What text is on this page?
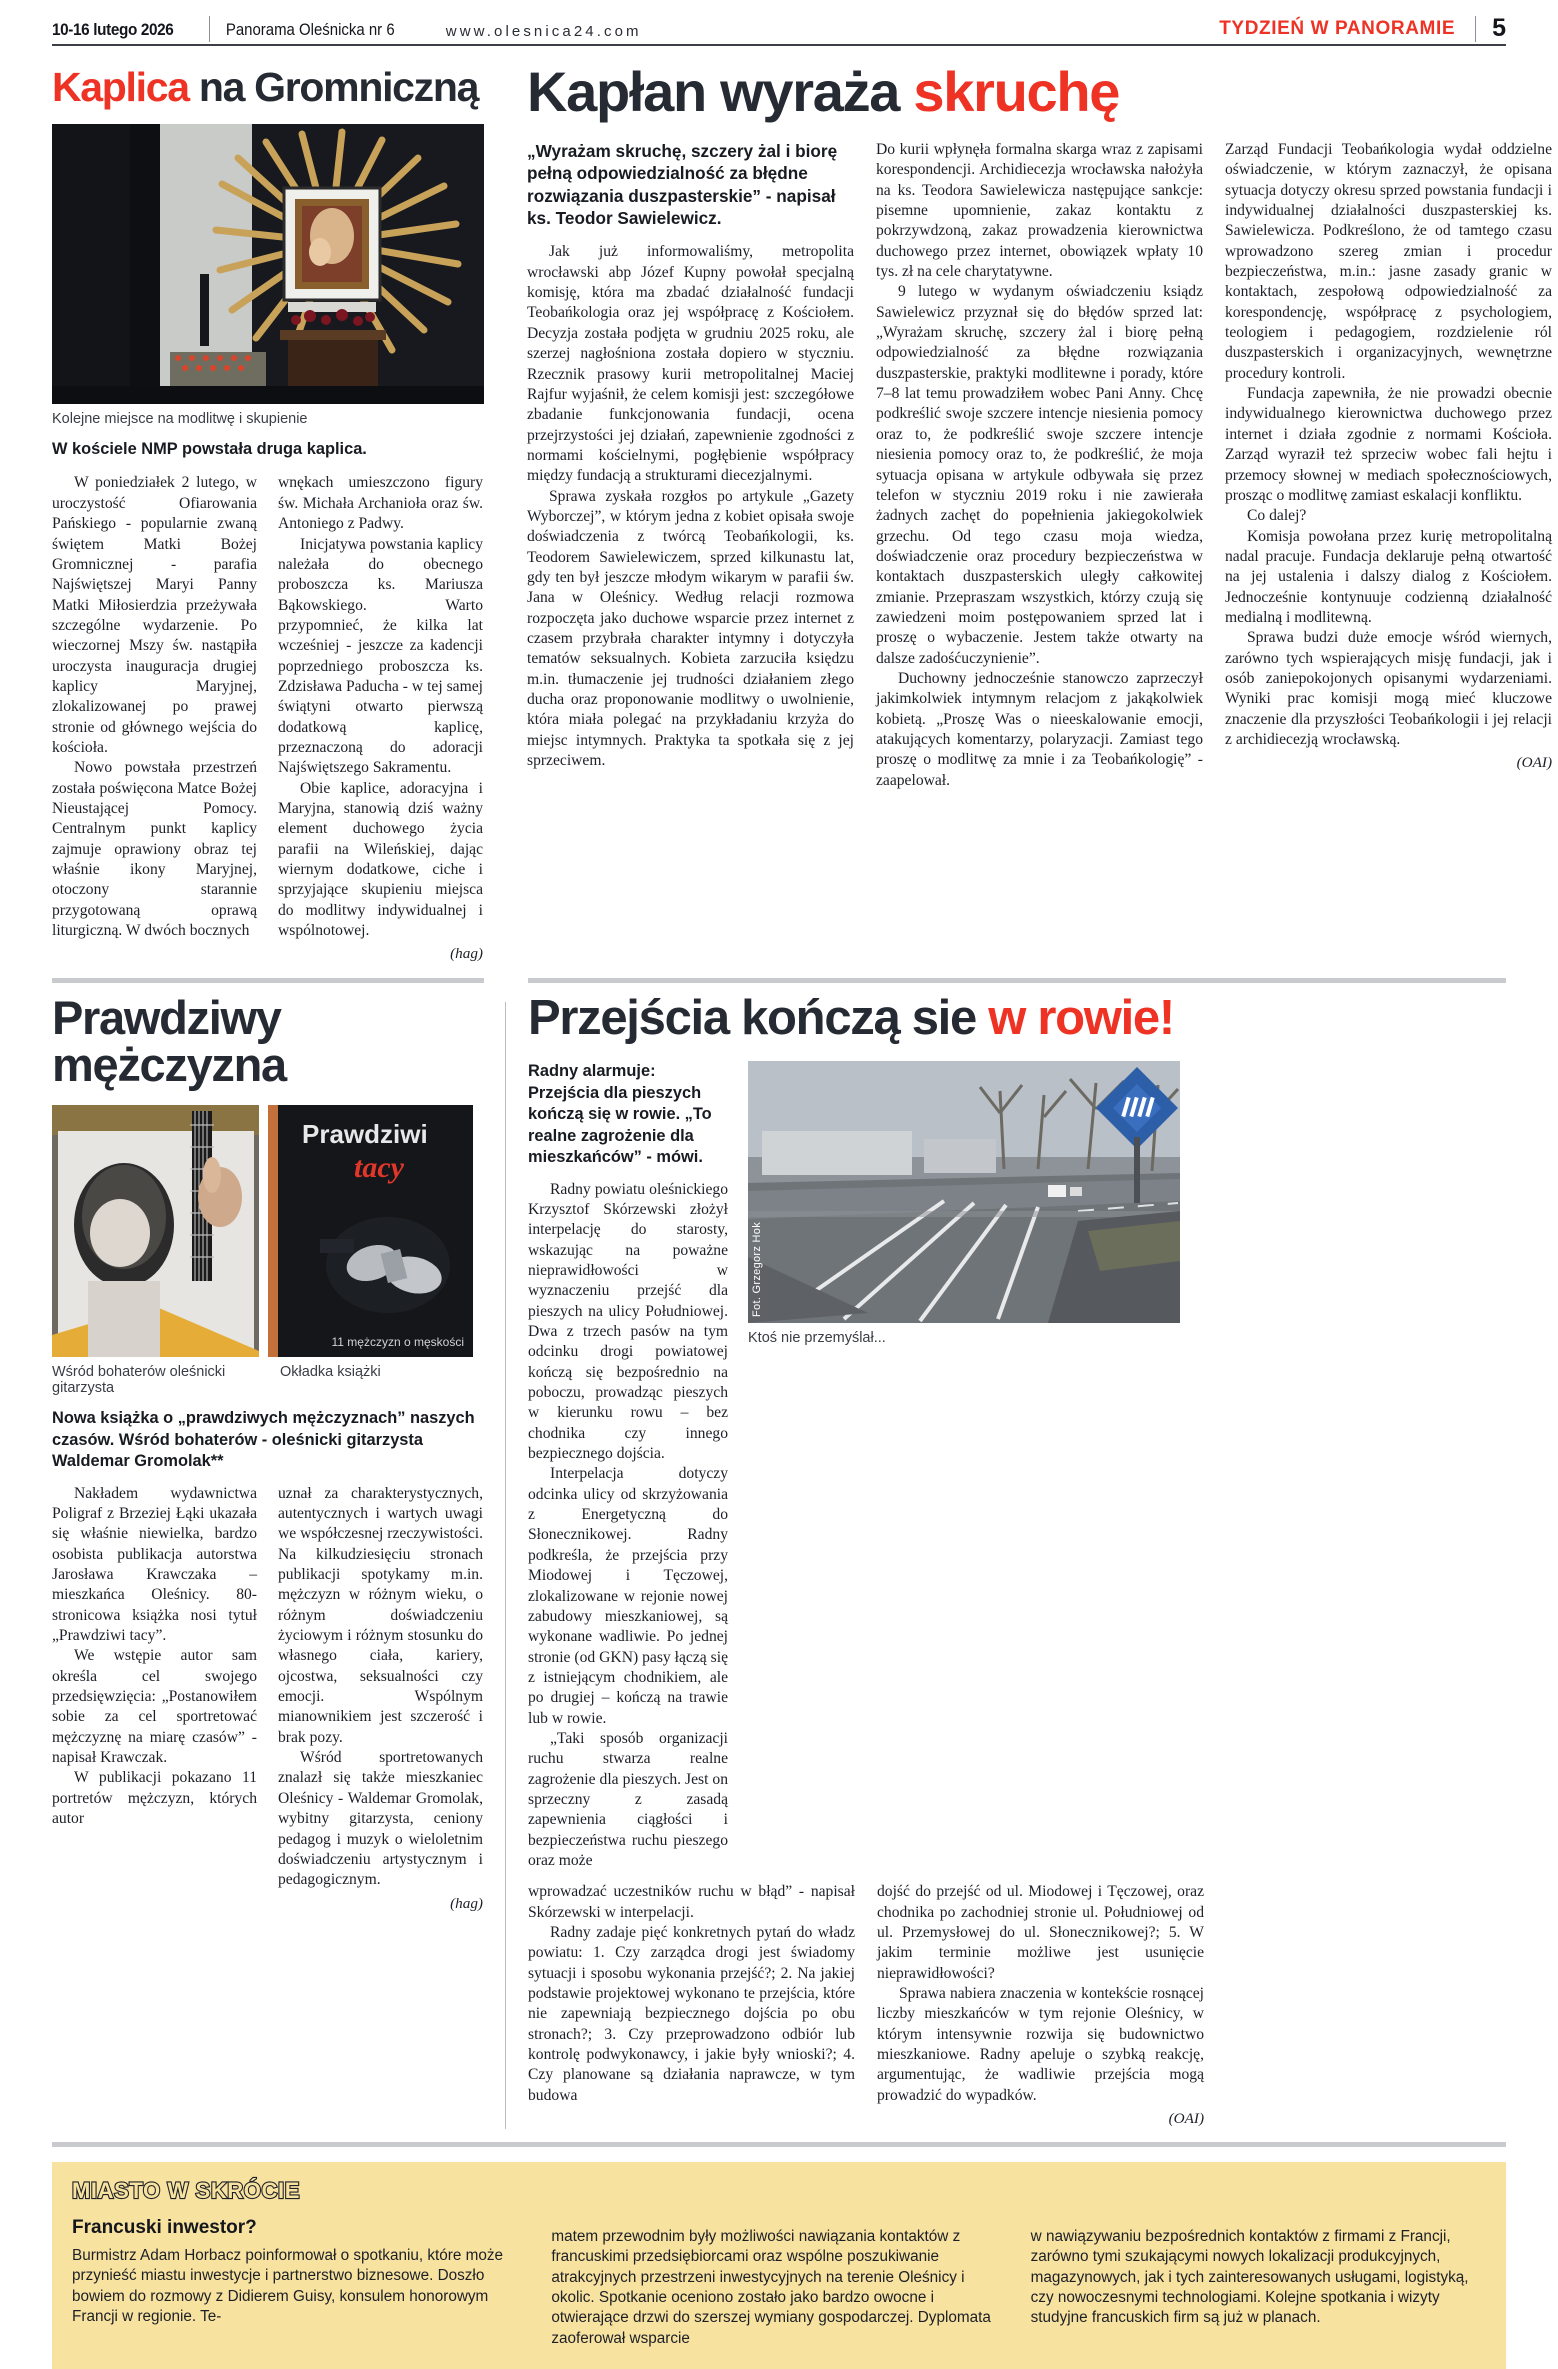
10-16 lutego 2026	Panorama Oleśnicka nr 6	www.olesnica24.com	TYDZIEŃ W PANORAMIE 5
Kaplica na Gromniczną
Kolejne miejsce na modlitwę i skupienie
W kościele NMP powstała druga kaplica.

W poniedziałek 2 lutego, w uroczystość Ofiarowania Pańskiego - popularnie zwaną świętem Matki Bożej Gromnicznej - parafia Najświętszej Maryi Panny Matki Miłosierdzia przeżywała szczególne wydarzenie. Po wieczornej Mszy św. nastąpiła uroczysta inauguracja drugiej kaplicy Maryjnej, zlokalizowanej po prawej stronie od głównego wejścia do kościoła.

Nowo powstała przestrzeń została poświęcona Matce Bożej Nieustającej Pomocy. Centralnym punkt kaplicy zajmuje oprawiony obraz tej właśnie ikony Maryjnej, otoczony starannie przygotowaną oprawą liturgiczną. W dwóch bocznych

wnękach umieszczono figury św. Michała Archanioła oraz św. Antoniego z Padwy.

Inicjatywa powstania kaplicy należała do obecnego proboszcza ks. Mariusza Bąkowskiego. Warto przypomnieć, że kilka lat wcześniej - jeszcze za kadencji poprzedniego proboszcza ks. Zdzisława Paducha - w tej samej świątyni otwarto pierwszą dodatkową kaplicę, przeznaczoną do adoracji Najświętszego Sakramentu.

Obie kaplice, adoracyjna i Maryjna, stanowią dziś ważny element duchowego życia parafii na Wileńskiej, dając wiernym dodatkowe, ciche i sprzyjające skupieniu miejsca do modlitwy indywidualnej i wspólnotowej.

(hag)
Kapłan wyraża skruchę
„Wyrażam skruchę, szczery żal i biorę pełną odpowiedzialność za błędne rozwiązania duszpasterskie” - napisał ks. Teodor Sawielewicz.

Jak już informowaliśmy, metropolita wrocławski abp Józef Kupny powołał specjalną komisję, która ma zbadać działalność fundacji Teobańkologia oraz jej współpracę z Kościołem. Decyzja została podjęta w grudniu 2025 roku, ale szerzej nagłośniona została dopiero w styczniu. Rzecznik prasowy kurii metropolitalnej Maciej Rajfur wyjaśnił, że celem komisji jest: szczegółowe zbadanie funkcjonowania fundacji, ocena przejrzystości jej działań, zapewnienie zgodności z normami kościelnymi, pogłębienie współpracy między fundacją a strukturami diecezjalnymi.

Sprawa zyskała rozgłos po artykule „Gazety Wyborczej”, w którym jedna z kobiet opisała swoje doświadczenia z twórcą Teobańkologii, ks. Teodorem Sawielewiczem, sprzed kilkunastu lat, gdy ten był jeszcze młodym wikarym w parafii św. Jana w Oleśnicy. Według relacji rozmowa rozpoczęta jako duchowe wsparcie przez internet z czasem przybrała charakter intymny i dotyczyła tematów seksualnych. Kobieta zarzuciła księdzu m.in. tłumaczenie jej trudności działaniem złego ducha oraz proponowanie modlitwy o uwolnienie, która miała polegać na przykładaniu krzyża do miejsc intymnych. Praktyka ta spotkała się z jej sprzeciwem.

Do kurii wpłynęła formalna skarga wraz z zapisami korespondencji. Archidiecezja wrocławska nałożyła na ks. Teodora Sawielewicza następujące sankcje: pisemne upomnienie, zakaz kontaktu z pokrzywdzoną, zakaz prowadzenia kierownictwa duchowego przez internet, obowiązek wpłaty 10 tys. zł na cele charytatywne.

9 lutego w wydanym oświadczeniu ksiądz Sawielewicz przyznał się do błędów sprzed lat: „Wyrażam skruchę, szczery żal i biorę pełną odpowiedzialność za błędne rozwiązania duszpasterskie, praktyki modlitewne i porady, które 7–8 lat temu prowadziłem wobec Pani Anny. Chcę podkreślić swoje szczere intencje niesienia pomocy oraz to, że podkreślić swoje szczere intencje niesienia pomocy oraz to, że podkreślić, że moja sytuacja opisana w artykule odbywała się przez telefon w styczniu 2019 roku i nie zawierała żadnych zachęt do popełnienia jakiegokolwiek grzechu. Od tego czasu moja wiedza, doświadczenie oraz procedury bezpieczeństwa w kontaktach duszpasterskich uległy całkowitej zmianie. Przepraszam wszystkich, którzy czują się zawiedzeni moim postępowaniem sprzed lat i proszę o wybaczenie. Jestem także otwarty na dalsze zadośćuczynienie”.

Duchowny jednocześnie stanowczo zaprzeczył jakimkolwiek intymnym relacjom z jakąkolwiek kobietą. „Proszę Was o nieeskalowanie emocji, atakujących komentarzy, polaryzacji. Zamiast tego proszę o modlitwę za mnie i za Teobańkologię” - zaapelował.

Zarząd Fundacji Teobańkologia wydał oddzielne oświadczenie, w którym zaznaczył, że opisana sytuacja dotyczy okresu sprzed powstania fundacji i indywidualnej działalności duszpasterskiej ks. Sawielewicza. Podkreślono, że od tamtego czasu wprowadzono szereg zmian i procedur bezpieczeństwa, m.in.: jasne zasady granic w kontaktach, zespołową odpowiedzialność za korespondencję, współpracę z psychologiem, teologiem i pedagogiem, rozdzielenie ról duszpasterskich i organizacyjnych, wewnętrzne procedury kontroli.

Fundacja zapewniła, że nie prowadzi obecnie indywidualnego kierownictwa duchowego przez internet i działa zgodnie z normami Kościoła. Zarząd wyraził też sprzeciw wobec fali hejtu i przemocy słownej w mediach społecznościowych, prosząc o modlitwę zamiast eskalacji konfliktu.

Co dalej?

Komisja powołana przez kurię metropolitalną nadal pracuje. Fundacja deklaruje pełną otwartość na jej ustalenia i dalszy dialog z Kościołem. Jednocześnie kontynuuje codzienną działalność medialną i modlitewną.

Sprawa budzi duże emocje wśród wiernych, zarówno tych wspierających misję fundacji, jak i osób zaniepokojonych opisanymi wydarzeniami. Wyniki prac komisji mogą mieć kluczowe znaczenie dla przyszłości Teobańkologii i jej relacji z archidiecezją wrocławską.

(OAI)
Prawdziwy mężczyzna
Prawdziwi
tacy
11 mężczyzn o męskości
Wśród bohaterów oleśnicki gitarzysta
Okładka książki
Nowa książka o „prawdziwych mężczyznach” naszych czasów. Wśród bohaterów - oleśnicki gitarzysta Waldemar Gromolak**

Nakładem wydawnictwa Poligraf z Brzeziej Łąki ukazała się właśnie niewielka, bardzo osobista publikacja autorstwa Jarosława Krawczaka – mieszkańca Oleśnicy. 80-stronicowa książka nosi tytuł „Prawdziwi tacy”.

We wstępie autor sam określa cel swojego przedsięwzięcia: „Postanowiłem sobie za cel sportretować mężczyznę na miarę czasów” - napisał Krawczak.

W publikacji pokazano 11 portretów mężczyzn, których autor

uznał za charakterystycznych, autentycznych i wartych uwagi we współczesnej rzeczywistości. Na kilkudziesięciu stronach publikacji spotykamy m.in. mężczyzn w różnym wieku, o różnym doświadczeniu życiowym i różnym stosunku do własnego ciała, kariery, ojcostwa, seksualności czy emocji. Wspólnym mianownikiem jest szczerość i brak pozy.

Wśród sportretowanych znalazł się także mieszkaniec Oleśnicy - Waldemar Gromolak, wybitny gitarzysta, ceniony pedagog i muzyk o wieloletnim doświadczeniu artystycznym i pedagogicznym.

(hag)
Przejścia kończą sie w rowie!
Radny alarmuje: Przejścia dla pieszych kończą się w rowie. „To realne zagrożenie dla mieszkańców” - mówi.

Radny powiatu oleśnickiego Krzysztof Skórzewski złożył interpelację do starosty, wskazując na poważne nieprawidłowości w wyznaczeniu przejść dla pieszych na ulicy Południowej. Dwa z trzech pasów na tym odcinku drogi powiatowej kończą się bezpośrednio na poboczu, prowadząc pieszych w kierunku rowu – bez chodnika czy innego bezpiecznego dojścia.

Interpelacja dotyczy odcinka ulicy od skrzyżowania z Energetyczną do Słonecznikowej. Radny podkreśla, że przejścia przy Miodowej i Tęczowej, zlokalizowane w rejonie nowej zabudowy mieszkaniowej, są wykonane wadliwie. Po jednej stronie (od GKN) pasy łączą się z istniejącym chodnikiem, ale po drugiej – kończą na trawie lub w rowie.

„Taki sposób organizacji ruchu stwarza realne zagrożenie dla pieszych. Jest on sprzeczny z zasadą zapewnienia ciągłości i bezpieczeństwa ruchu pieszego oraz może

Fot. Grzegorz Hok
Ktoś nie przemyślał...

wprowadzać uczestników ruchu w błąd” - napisał Skórzewski w interpelacji.

Radny zadaje pięć konkretnych pytań do władz powiatu: 1. Czy zarządca drogi jest świadomy sytuacji i sposobu wykonania przejść?; 2. Na jakiej podstawie projektowej wykonano te przejścia, które nie zapewniają bezpiecznego dojścia po obu stronach?; 3. Czy przeprowadzono odbiór lub kontrolę podwykonawcy, i jakie były wnioski?; 4. Czy planowane są działania naprawcze, w tym budowa

dojść do przejść od ul. Miodowej i Tęczowej, oraz chodnika po zachodniej stronie ul. Południowej od ul. Przemysłowej do ul. Słonecznikowej?; 5. W jakim terminie możliwe jest usunięcie nieprawidłowości?

Sprawa nabiera znaczenia w kontekście rosnącej liczby mieszkańców w tym rejonie Oleśnicy, w którym intensywnie rozwija się budownictwo mieszkaniowe. Radny apeluje o szybką reakcję, argumentując, że wadliwie przejścia mogą prowadzić do wypadków.

(OAI)
MIASTO W SKRÓCIE
Francuski inwestor?

Burmistrz Adam Horbacz poinformował o spotkaniu, które może przynieść miastu inwestycje i partnerstwo biznesowe. Doszło bowiem do rozmowy z Didierem Guisy, konsulem honorowym Francji w regionie. Te-

matem przewodnim były możliwości nawiązania kontaktów z francuskimi przedsiębiorcami oraz wspólne poszukiwanie atrakcyjnych przestrzeni inwestycyjnych na terenie Oleśnicy i okolic. Spotkanie oceniono zostało jako bardzo owocne i otwierające drzwi do szerszej wymiany gospodarczej. Dyplomata zaoferował wsparcie

w nawiązywaniu bezpośrednich kontaktów z firmami z Francji, zarówno tymi szukającymi nowych lokalizacji produkcyjnych, magazynowych, jak i tych zainteresowanych usługami, logistyką, czy nowoczesnymi technologiami. Kolejne spotkania i wizyty studyjne francuskich firm są już w planach.
